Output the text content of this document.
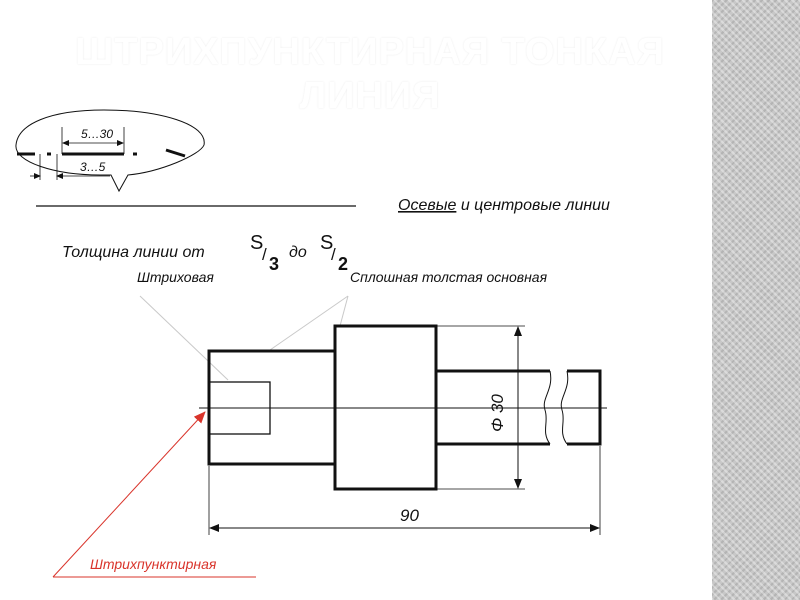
ШТРИХПУНКТИРНАЯ ТОНКАЯ ЛИНИЯ
5…30
3…5
Осевые и центровые линии
Толщина линии от S
/ 3
до S
/ 2
Штриховая	Сплошная толстая основная
Φ 30
90
Штрихпунктирная
